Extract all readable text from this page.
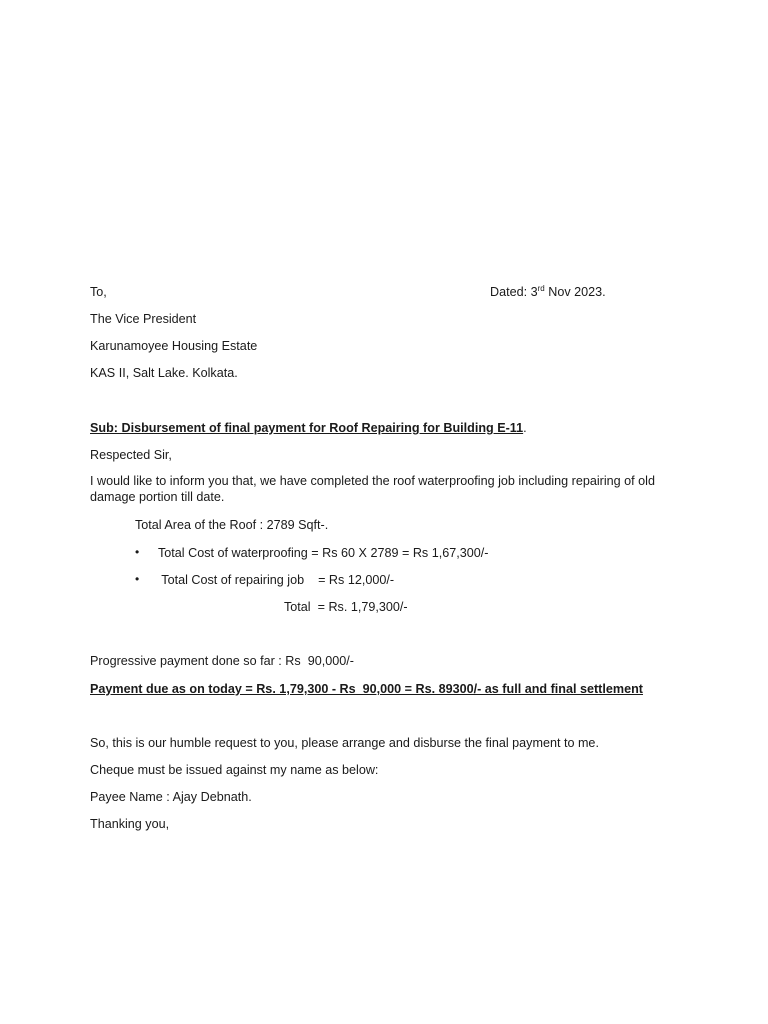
To,	Dated: 3rd Nov 2023.
The Vice President
Karunamoyee Housing Estate
KAS II, Salt Lake. Kolkata.
Sub: Disbursement of final payment for Roof Repairing for Building E-11.
Respected Sir,
I would like to inform you that, we have completed the roof waterproofing job including repairing of old damage portion till date.
Total Area of the Roof : 2789 Sqft-.
• Total Cost of waterproofing = Rs 60 X 2789 = Rs 1,67,300/-
• Total Cost of repairing job    = Rs 12,000/-
Total  = Rs. 1,79,300/-
Progressive payment done so far : Rs  90,000/-
Payment due as on today = Rs. 1,79,300 - Rs  90,000 = Rs. 89300/- as full and final settlement
So, this is our humble request to you, please arrange and disburse the final payment to me.
Cheque must be issued against my name as below:
Payee Name : Ajay Debnath.
Thanking you,
